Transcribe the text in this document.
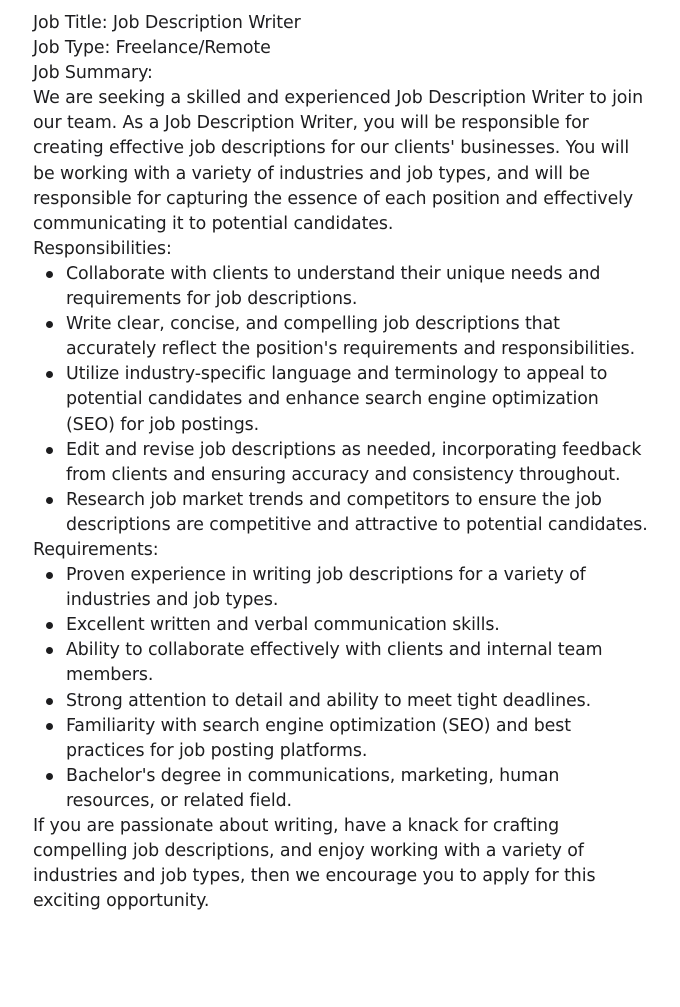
Job Title: Job Description Writer

Job Type: Freelance/Remote

Job Summary:

We are seeking a skilled and experienced Job Description Writer to join our team. As a Job Description Writer, you will be responsible for creating effective job descriptions for our clients' businesses. You will be working with a variety of industries and job types, and will be responsible for capturing the essence of each position and effectively communicating it to potential candidates.

Responsibilities:

Collaborate with clients to understand their unique needs and requirements for job descriptions.
Write clear, concise, and compelling job descriptions that accurately reflect the position's requirements and responsibilities.
Utilize industry-specific language and terminology to appeal to potential candidates and enhance search engine optimization (SEO) for job postings.
Edit and revise job descriptions as needed, incorporating feedback from clients and ensuring accuracy and consistency throughout.
Research job market trends and competitors to ensure the job descriptions are competitive and attractive to potential candidates.

Requirements:

Proven experience in writing job descriptions for a variety of industries and job types.
Excellent written and verbal communication skills.
Ability to collaborate effectively with clients and internal team members.
Strong attention to detail and ability to meet tight deadlines.
Familiarity with search engine optimization (SEO) and best practices for job posting platforms.
Bachelor's degree in communications, marketing, human resources, or related field.

If you are passionate about writing, have a knack for crafting compelling job descriptions, and enjoy working with a variety of industries and job types, then we encourage you to apply for this exciting opportunity.
